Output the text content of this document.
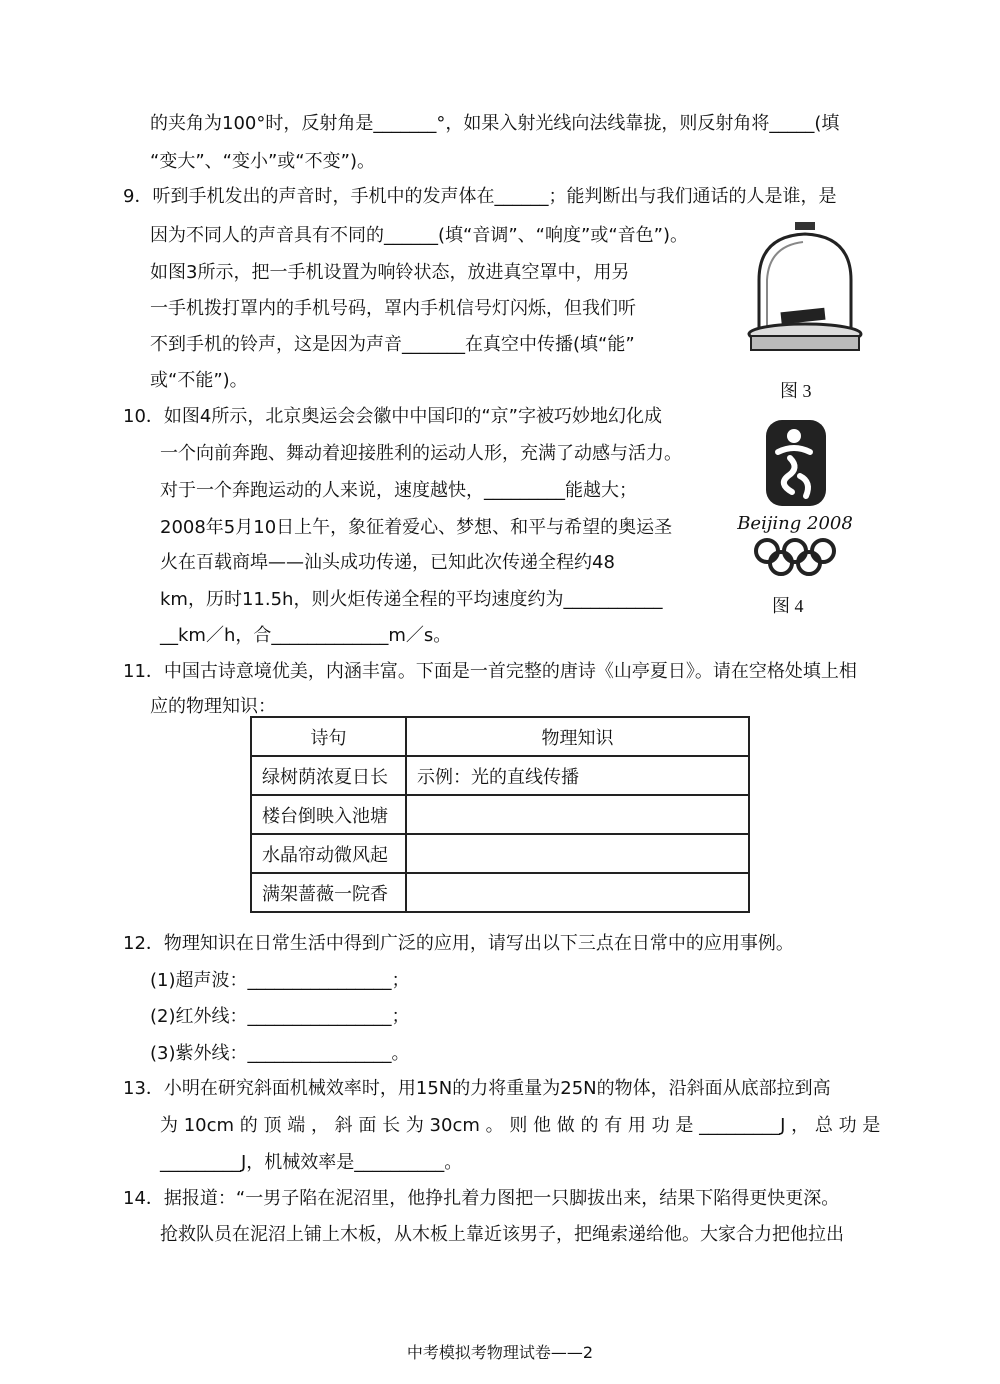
的夹角为100°时，反射角是_______°，如果入射光线向法线靠拢，则反射角将_____(填
“变大”、“变小”或“不变”)。
9．听到手机发出的声音时，手机中的发声体在______；能判断出与我们通话的人是谁，是
因为不同人的声音具有不同的______(填“音调”、“响度”或“音色”)。
如图3所示，把一手机设置为响铃状态，放进真空罩中，用另
一手机拨打罩内的手机号码，罩内手机信号灯闪烁，但我们听
不到手机的铃声，这是因为声音_______在真空中传播(填“能”
或“不能”)。
10．如图4所示，北京奥运会会徽中中国印的“京”字被巧妙地幻化成
一个向前奔跑、舞动着迎接胜利的运动人形，充满了动感与活力。
对于一个奔跑运动的人来说，速度越快，_________能越大；
2008年5月10日上午，象征着爱心、梦想、和平与希望的奥运圣
火在百载商埠——汕头成功传递，已知此次传递全程约48
km，历时11.5h，则火炬传递全程的平均速度约为___________
__km／h，合_____________m／s。
11．中国古诗意境优美，内涵丰富。下面是一首完整的唐诗《山亭夏日》。请在空格处填上相
应的物理知识：
诗句	物理知识
绿树荫浓夏日长	示例：光的直线传播
楼台倒映入池塘	
水晶帘动微风起	
满架蔷薇一院香	
12．物理知识在日常生活中得到广泛的应用，请写出以下三点在日常中的应用事例。
(1)超声波：________________；
(2)红外线：________________；
(3)紫外线：________________。
13．小明在研究斜面机械效率时，用15N的力将重量为25N的物体，沿斜面从底部拉到高
为 10cm 的 顶 端 ， 斜 面 长 为 30cm 。 则 他 做 的 有 用 功 是 _________J ， 总 功 是
_________J，机械效率是__________。
14．据报道：“一男子陷在泥沼里，他挣扎着力图把一只脚拔出来，结果下陷得更快更深。
抢救队员在泥沼上铺上木板，从木板上靠近该男子，把绳索递给他。大家合力把他拉出
图 3
Beijing 2008
图 4
中考模拟考物理试卷——2
